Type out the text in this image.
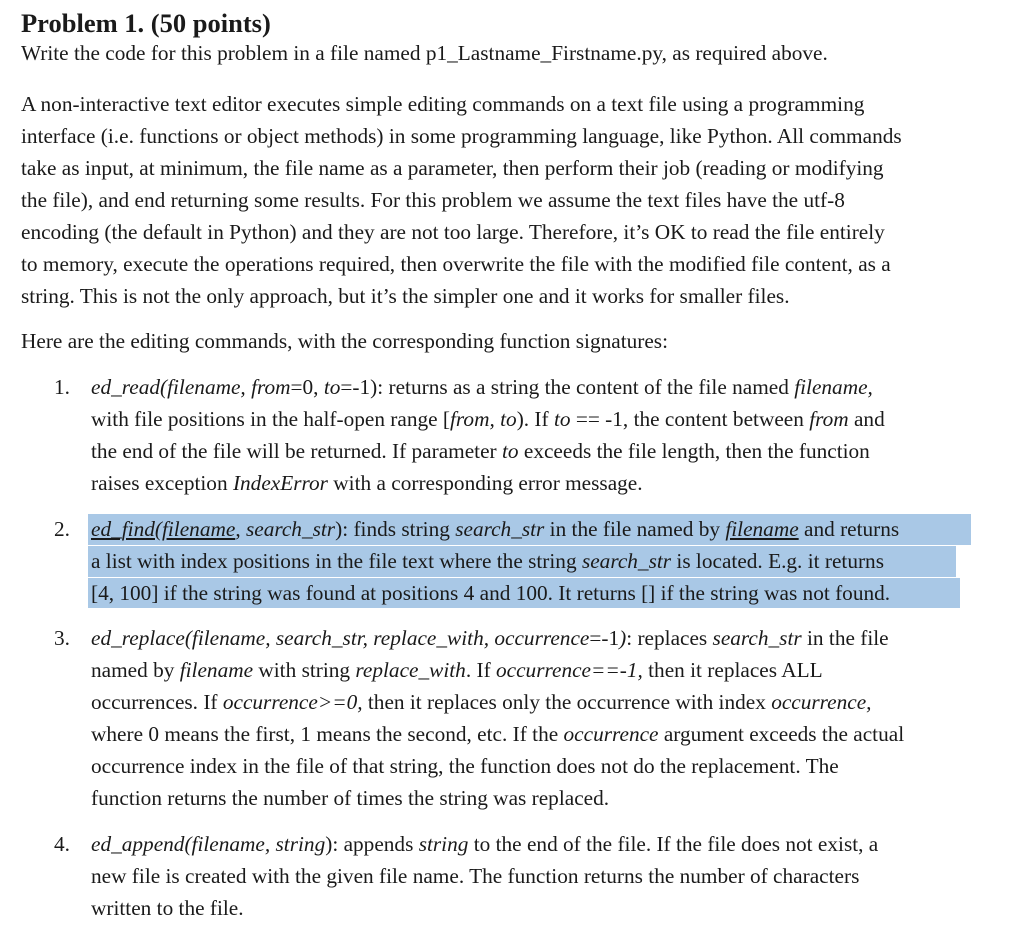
Problem 1. (50 points)
Write the code for this problem in a file named p1_Lastname_Firstname.py, as required above.
A non-interactive text editor executes simple editing commands on a text file using a programming
interface (i.e. functions or object methods) in some programming language, like Python. All commands
take as input, at minimum, the file name as a parameter, then perform their job (reading or modifying
the file), and end returning some results. For this problem we assume the text files have the utf-8
encoding (the default in Python) and they are not too large. Therefore, it’s OK to read the file entirely
to memory, execute the operations required, then overwrite the file with the modified file content, as a
string. This is not the only approach, but it’s the simpler one and it works for smaller files.
Here are the editing commands, with the corresponding function signatures:
1. ed_read(filename, from=0, to=-1): returns as a string the content of the file named filename,
with file positions in the half-open range [from, to). If to == -1, the content between from and
the end of the file will be returned. If parameter to exceeds the file length, then the function
raises exception IndexError with a corresponding error message.
2. ed_find(filename, search_str): finds string search_str in the file named by filename and returns
a list with index positions in the file text where the string search_str is located. E.g. it returns
[4, 100] if the string was found at positions 4 and 100. It returns [] if the string was not found.
3. ed_replace(filename, search_str, replace_with, occurrence=-1): replaces search_str in the file
named by filename with string replace_with. If occurrence==-1, then it replaces ALL
occurrences. If occurrence>=0, then it replaces only the occurrence with index occurrence,
where 0 means the first, 1 means the second, etc. If the occurrence argument exceeds the actual
occurrence index in the file of that string, the function does not do the replacement. The
function returns the number of times the string was replaced.
4. ed_append(filename, string): appends string to the end of the file. If the file does not exist, a
new file is created with the given file name. The function returns the number of characters
written to the file.
